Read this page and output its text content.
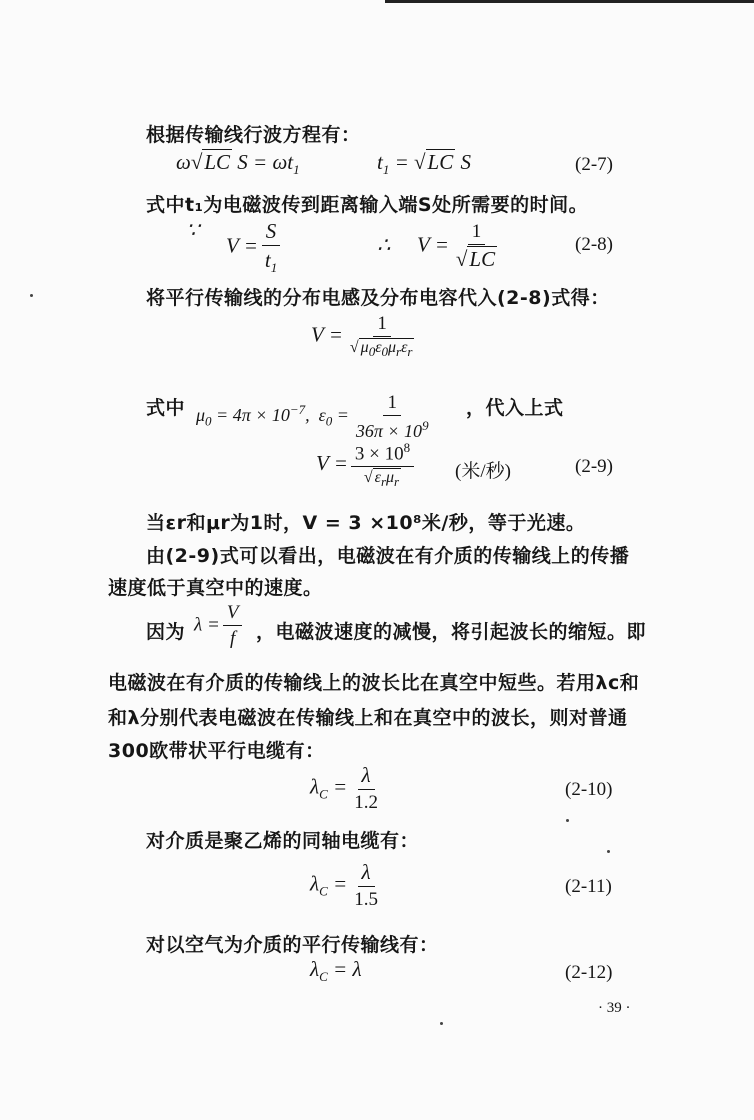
根据传输线行波方程有：
ω√LC $S = \omega t_1$	$t_1 = √LC$ S	(2-7)
式中t₁为电磁波传到距离输入端S处所需要的时间。
∵
$V = \frac{S}{t_1}$	∴ $V = \frac{1}{√LC}$	(2-8)
将平行传输线的分布电感及分布电容代入(2-8)式得：
$V = \frac{1}{√ \mu_0\varepsilon_0\mu_r\varepsilon_r}$
式中 $\mu_0 = 4\pi \times 10^{-7}$,  $\varepsilon_0 = \frac{1}{36\pi \times 10^9}$ ，代入上式
$V = \frac{3 \times 10^8}{√ \varepsilon_r\mu_r}$ (米/秒)	(2-9)
当εr和μr为1时，V = 3 ×10⁸米/秒，等于光速。
由(2-9)式可以看出，电磁波在有介质的传输线上的传播
速度低于真空中的速度。
因为 $\lambda = \frac{V}{f}$ ，电磁波速度的减慢，将引起波长的缩短。即
电磁波在有介质的传输线上的波长比在真空中短些。若用λc和
和λ分别代表电磁波在传输线上和在真空中的波长，则对普通
300欧带状平行电缆有：
$\lambda_C = \frac{\lambda}{1.2}$	(2-10)
对介质是聚乙烯的同轴电缆有：
$\lambda_C = \frac{\lambda}{1.5}$	(2-11)
对以空气为介质的平行传输线有：
$\lambda_C = \lambda$	(2-12)
· 39 ·
